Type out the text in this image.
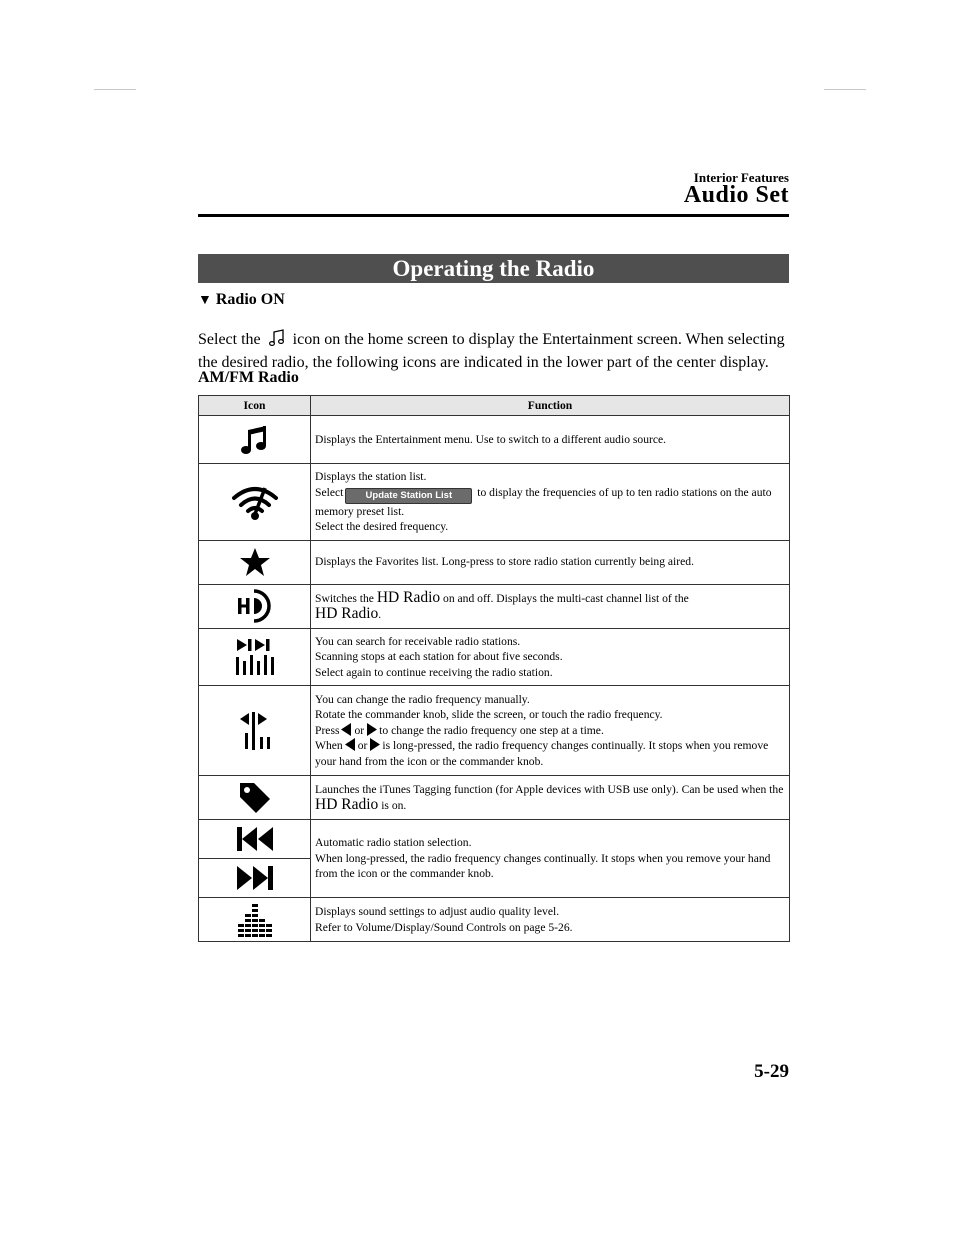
Interior Features
Audio Set
Operating the Radio
▼ Radio ON
Select the icon on the home screen to display the Entertainment screen. When selecting the desired radio, the following icons are indicated in the lower part of the center display.
AM/FM Radio
Icon	Function

	Displays the Entertainment menu. Use to switch to a different audio source.

Displays the station list.
Select Update Station List to display the frequencies of up to ten radio stations on the auto memory preset list.
Select the desired frequency.

	Displays the Favorites list. Long-press to store radio station currently being aired.

	Switches the HD Radio on and off. Displays the multi-cast channel list of the
HD Radio.

You can search for receivable radio stations.
Scanning stops at each station for about five seconds.
Select again to continue receiving the radio station.

You can change the radio frequency manually.
Rotate the commander knob, slide the screen, or touch the radio frequency.
Press or to change the radio frequency one step at a time.
When or is long-pressed, the radio frequency changes continually. It stops when you remove your hand from the icon or the commander knob.

	Launches the iTunes Tagging function (for Apple devices with USB use only). Can be used when the HD Radio is on.

Automatic radio station selection.
When long-pressed, the radio frequency changes continually. It stops when you remove your hand from the icon or the commander knob.

Displays sound settings to adjust audio quality level.
Refer to Volume/Display/Sound Controls on page 5-26.
5-29
